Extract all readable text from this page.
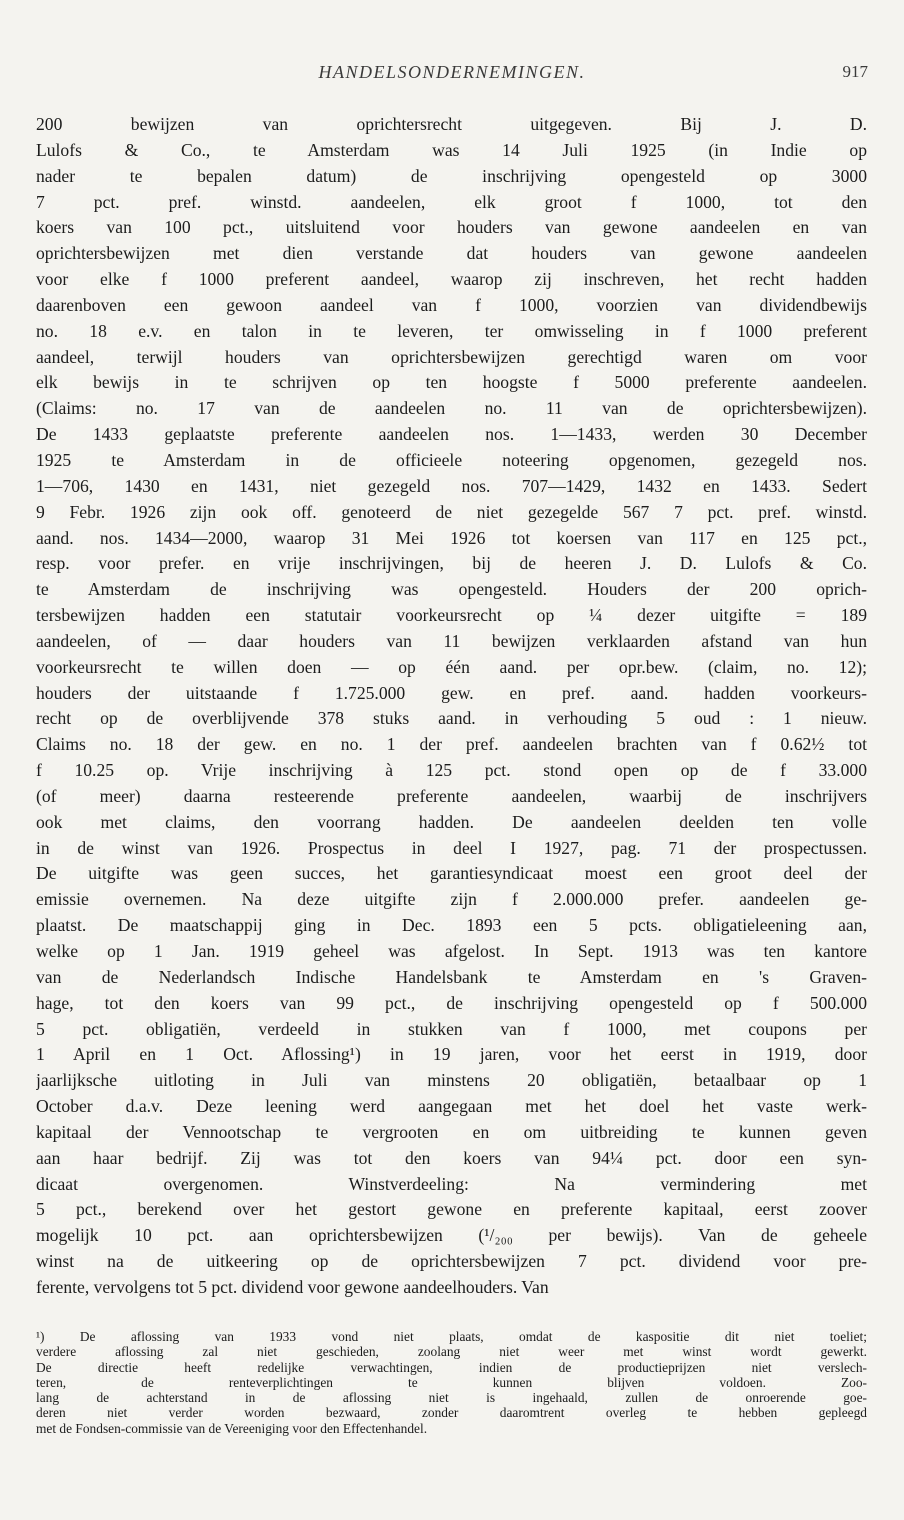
HANDELSONDERNEMINGEN.	917
200 bewijzen van oprichtersrecht uitgegeven. Bij J. D.
Lulofs & Co., te Amsterdam was 14 Juli 1925 (in Indie op
nader te bepalen datum) de inschrijving opengesteld op 3000
7 pct. pref. winstd. aandeelen, elk groot f 1000, tot den
koers van 100 pct., uitsluitend voor houders van gewone aandeelen en van
oprichtersbewijzen met dien verstande dat houders van gewone aandeelen
voor elke f 1000 preferent aandeel, waarop zij inschreven, het recht hadden
daarenboven een gewoon aandeel van f 1000, voorzien van dividendbewijs
no. 18 e.v. en talon in te leveren, ter omwisseling in f 1000 preferent
aandeel, terwijl houders van oprichtersbewijzen gerechtigd waren om voor
elk bewijs in te schrijven op ten hoogste f 5000 preferente aandeelen.
(Claims: no. 17 van de aandeelen no. 11 van de oprichtersbewijzen).
De 1433 geplaatste preferente aandeelen nos. 1—1433, werden 30 December
1925 te Amsterdam in de officieele noteering opgenomen, gezegeld nos.
1—706, 1430 en 1431, niet gezegeld nos. 707—1429, 1432 en 1433. Sedert
9 Febr. 1926 zijn ook off. genoteerd de niet gezegelde 567 7 pct. pref. winstd.
aand. nos. 1434—2000, waarop 31 Mei 1926 tot koersen van 117 en 125 pct.,
resp. voor prefer. en vrije inschrijvingen, bij de heeren J. D. Lulofs & Co.
te Amsterdam de inschrijving was opengesteld. Houders der 200 oprich-
tersbewijzen hadden een statutair voorkeursrecht op ¼ dezer uitgifte = 189
aandeelen, of — daar houders van 11 bewijzen verklaarden afstand van hun
voorkeursrecht te willen doen — op één aand. per opr.bew. (claim, no. 12);
houders der uitstaande f 1.725.000 gew. en pref. aand. hadden voorkeurs-
recht op de overblijvende 378 stuks aand. in verhouding 5 oud : 1 nieuw.
Claims no. 18 der gew. en no. 1 der pref. aandeelen brachten van f 0.62½ tot
f 10.25 op. Vrije inschrijving à 125 pct. stond open op de f 33.000
(of meer) daarna resteerende preferente aandeelen, waarbij de inschrijvers
ook met claims, den voorrang hadden. De aandeelen deelden ten volle
in de winst van 1926. Prospectus in deel I 1927, pag. 71 der prospectussen.
De uitgifte was geen succes, het garantiesyndicaat moest een groot deel der
emissie overnemen. Na deze uitgifte zijn f 2.000.000 prefer. aandeelen ge-
plaatst. De maatschappij ging in Dec. 1893 een 5 pcts. obligatieleening aan,
welke op 1 Jan. 1919 geheel was afgelost. In Sept. 1913 was ten kantore
van de Nederlandsch Indische Handelsbank te Amsterdam en 's Graven-
hage, tot den koers van 99 pct., de inschrijving opengesteld op f 500.000
5 pct. obligatiën, verdeeld in stukken van f 1000, met coupons per
1 April en 1 Oct. Aflossing¹) in 19 jaren, voor het eerst in 1919, door
jaarlijksche uitloting in Juli van minstens 20 obligatiën, betaalbaar op 1
October d.a.v. Deze leening werd aangegaan met het doel het vaste werk-
kapitaal der Vennootschap te vergrooten en om uitbreiding te kunnen geven
aan haar bedrijf. Zij was tot den koers van 94¼ pct. door een syn-
dicaat overgenomen. Winstverdeeling: Na vermindering met
5 pct., berekend over het gestort gewone en preferente kapitaal, eerst zoover
mogelijk 10 pct. aan oprichtersbewijzen (¹/₂₀₀ per bewijs). Van de geheele
winst na de uitkeering op de oprichtersbewijzen 7 pct. dividend voor pre-
ferente, vervolgens tot 5 pct. dividend voor gewone aandeelhouders. Van
¹) De aflossing van 1933 vond niet plaats, omdat de kaspositie dit niet toeliet;
verdere aflossing zal niet geschieden, zoolang niet weer met winst wordt gewerkt.
De directie heeft redelijke verwachtingen, indien de productieprijzen niet verslech-
teren, de renteverplichtingen te kunnen blijven voldoen. Zoo-
lang de achterstand in de aflossing niet is ingehaald, zullen de onroerende goe-
deren niet verder worden bezwaard, zonder daaromtrent overleg te hebben gepleegd
met de Fondsen-commissie van de Vereeniging voor den Effectenhandel.
